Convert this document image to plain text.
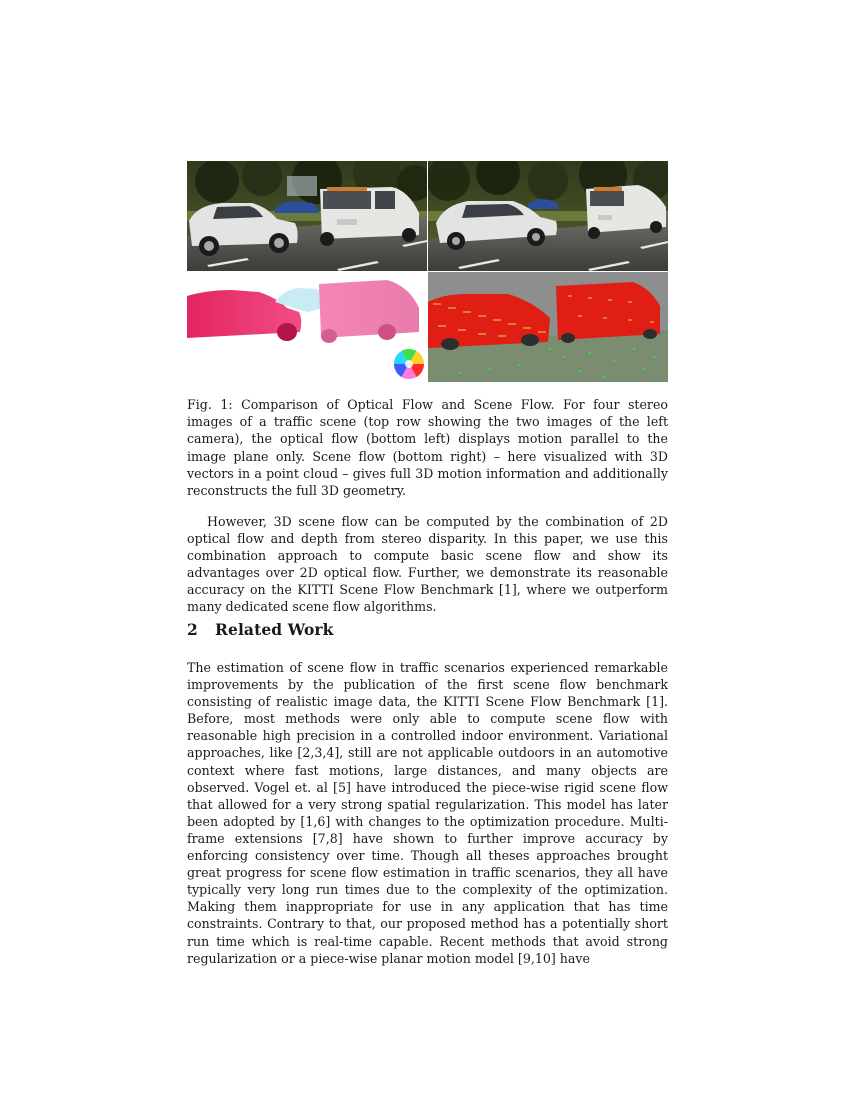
Fig. 1: Comparison of Optical Flow and Scene Flow. For four stereo images of a traffic scene (top row showing the two images of the left camera), the optical flow (bottom left) displays motion parallel to the image plane only. Scene flow (bottom right) – here visualized with 3D vectors in a point cloud – gives full 3D motion information and additionally reconstructs the full 3D geometry.

However, 3D scene flow can be computed by the combination of 2D optical flow and depth from stereo disparity. In this paper, we use this combination approach to compute basic scene flow and show its advantages over 2D optical flow. Further, we demonstrate its reasonable accuracy on the KITTI Scene Flow Benchmark [1], where we outperform many dedicated scene flow algorithms.

2 Related Work

The estimation of scene flow in traffic scenarios experienced remarkable improvements by the publication of the first scene flow benchmark consisting of realistic image data, the KITTI Scene Flow Benchmark [1]. Before, most methods were only able to compute scene flow with reasonable high precision in a controlled indoor environment. Variational approaches, like [2,3,4], still are not applicable outdoors in an automotive context where fast motions, large distances, and many objects are observed. Vogel et. al [5] have introduced the piece-wise rigid scene flow that allowed for a very strong spatial regularization. This model has later been adopted by [1,6] with changes to the optimization procedure. Multi-frame extensions [7,8] have shown to further improve accuracy by enforcing consistency over time. Though all theses approaches brought great progress for scene flow estimation in traffic scenarios, they all have typically very long run times due to the complexity of the optimization. Making them inappropriate for use in any application that has time constraints. Contrary to that, our proposed method has a potentially short run time which is real-time capable. Recent methods that avoid strong regularization or a piece-wise planar motion model [9,10] have
